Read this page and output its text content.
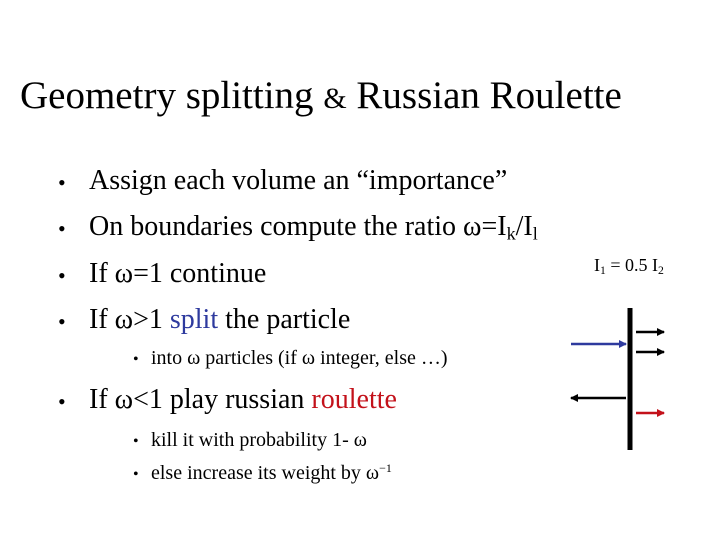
Geometry splitting & Russian Roulette
• Assign each volume an “importance”
• On boundaries compute the ratio $\omega=I_k/I_l$
$I_1 = 0.5$ $I_2$
• If ω=1 continue
• If ω>1 split the particle
• into ω particles (if ω integer, else …)
• If ω<1 play russian roulette
• kill it with probability 1- ω
• else increase its weight by $\omega^{-1}$
